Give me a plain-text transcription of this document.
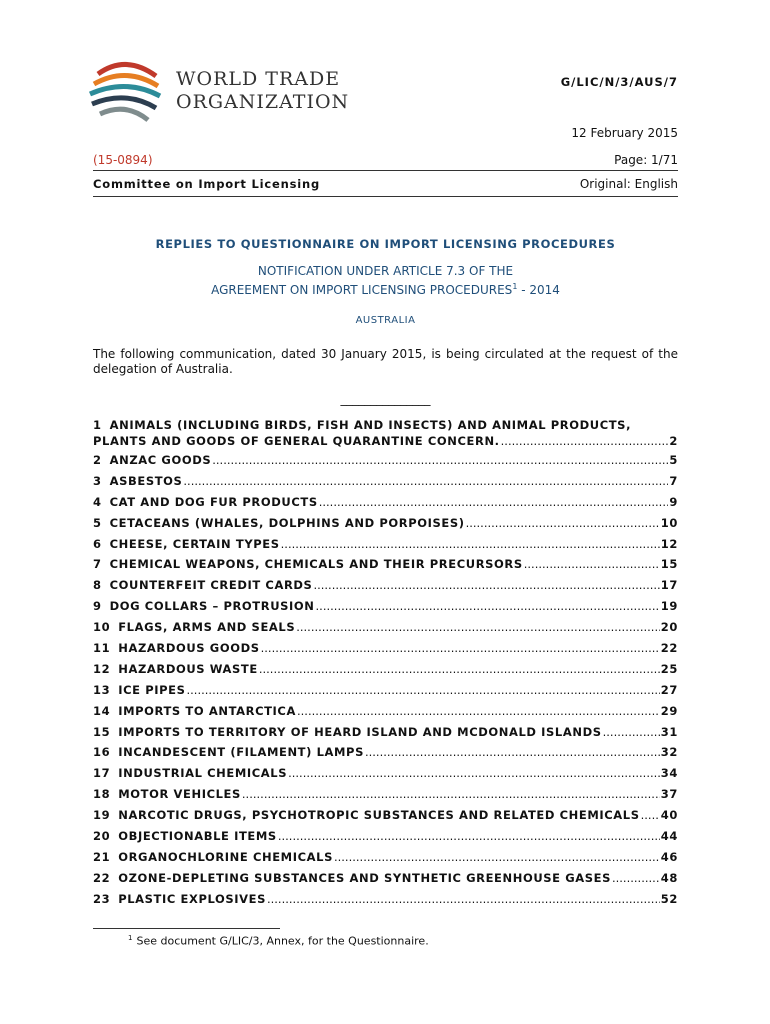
WORLD TRADE
ORGANIZATION
G/LIC/N/3/AUS/7
12 February 2015
(15-0894)	Page: 1/71
Committee on Import Licensing	Original: English
REPLIES TO QUESTIONNAIRE ON IMPORT LICENSING PROCEDURES
NOTIFICATION UNDER ARTICLE 7.3 OF THE
AGREEMENT ON IMPORT LICENSING PROCEDURES$^1$ - 2014
AUSTRALIA
The following communication, dated 30 January 2015, is being circulated at the request of the delegation of Australia.
_______________
1 ANIMALS (INCLUDING BIRDS, FISH AND INSECTS) AND ANIMAL PRODUCTS,
PLANTS AND GOODS OF GENERAL QUARANTINE CONCERN. .....	2
2 ANZAC GOODS .....	5
3 ASBESTOS .....	7
4 CAT AND DOG FUR PRODUCTS .....	9
5 CETACEANS (WHALES, DOLPHINS AND PORPOISES) .....	10
6 CHEESE, CERTAIN TYPES .....	12
7 CHEMICAL WEAPONS, CHEMICALS AND THEIR PRECURSORS .....	15
8 COUNTERFEIT CREDIT CARDS .....	17
9 DOG COLLARS – PROTRUSION .....	19
10 FLAGS, ARMS AND SEALS .....	20
11 HAZARDOUS GOODS .....	22
12 HAZARDOUS WASTE .....	25
13 ICE PIPES .....	27
14 IMPORTS TO ANTARCTICA .....	29
15 IMPORTS TO TERRITORY OF HEARD ISLAND AND MCDONALD ISLANDS .....	31
16 INCANDESCENT (FILAMENT) LAMPS .....	32
17 INDUSTRIAL CHEMICALS .....	34
18 MOTOR VEHICLES .....	37
19 NARCOTIC DRUGS, PSYCHOTROPIC SUBSTANCES AND RELATED CHEMICALS ..... 40
20 OBJECTIONABLE ITEMS .....	44
21 ORGANOCHLORINE CHEMICALS .....	46
22 OZONE-DEPLETING SUBSTANCES AND SYNTHETIC GREENHOUSE GASES .....	48
23 PLASTIC EXPLOSIVES .....	52
$^1$ See document G/LIC/3, Annex, for the Questionnaire.
